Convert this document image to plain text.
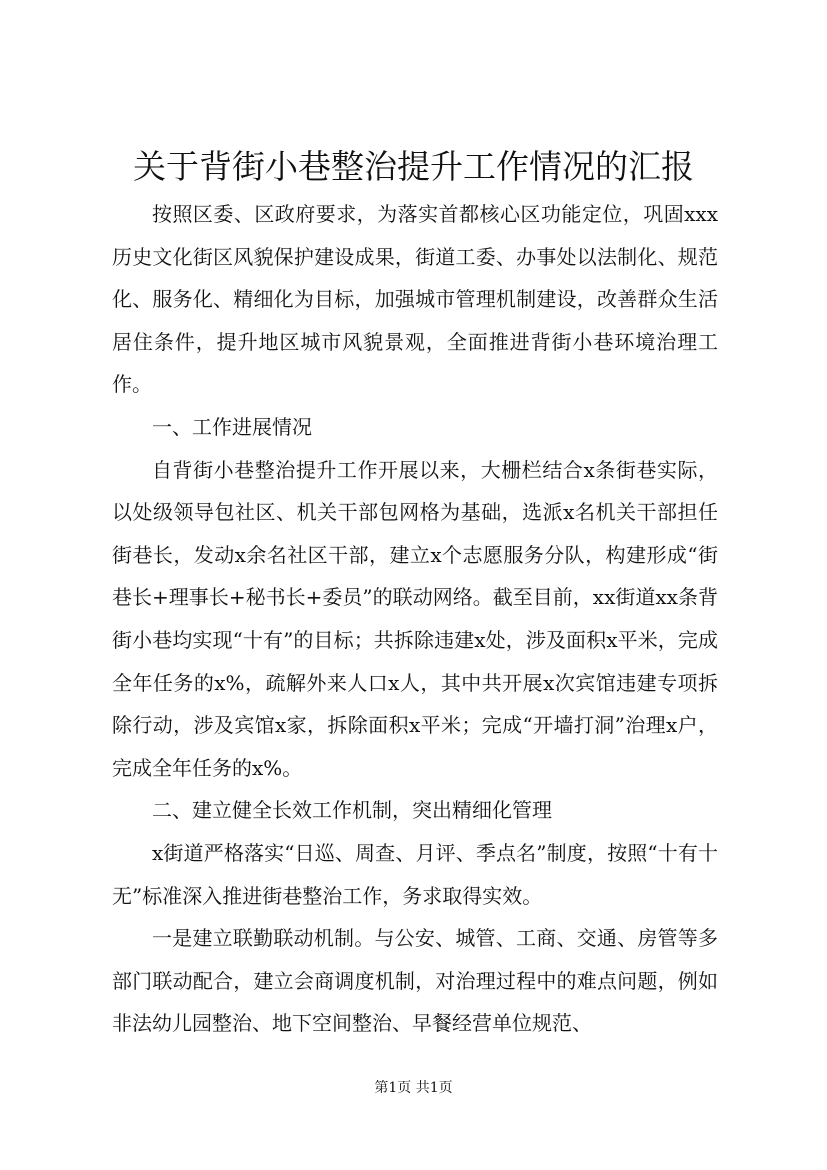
关于背街小巷整治提升工作情况的汇报

按照区委、区政府要求，为落实首都核心区功能定位，巩固xxx历史文化街区风貌保护建设成果，街道工委、办事处以法制化、规范化、服务化、精细化为目标，加强城市管理机制建设，改善群众生活居住条件，提升地区城市风貌景观，全面推进背街小巷环境治理工作。

一、工作进展情况

自背街小巷整治提升工作开展以来，大栅栏结合x条街巷实际，以处级领导包社区、机关干部包网格为基础，选派x名机关干部担任街巷长，发动x余名社区干部，建立x个志愿服务分队，构建形成“街巷长+理事长+秘书长+委员”的联动网络。截至目前，xx街道xx条背街小巷均实现“十有”的目标；共拆除违建x处，涉及面积x平米，完成全年任务的x%，疏解外来人口x人，其中共开展x次宾馆违建专项拆除行动，涉及宾馆x家，拆除面积x平米；完成“开墙打洞”治理x户，完成全年任务的x%。

二、建立健全长效工作机制，突出精细化管理

x街道严格落实“日巡、周查、月评、季点名”制度，按照“十有十无”标准深入推进街巷整治工作，务求取得实效。

一是建立联勤联动机制。与公安、城管、工商、交通、房管等多部门联动配合，建立会商调度机制，对治理过程中的难点问题，例如非法幼儿园整治、地下空间整治、早餐经营单位规范、

第1页 共1页
